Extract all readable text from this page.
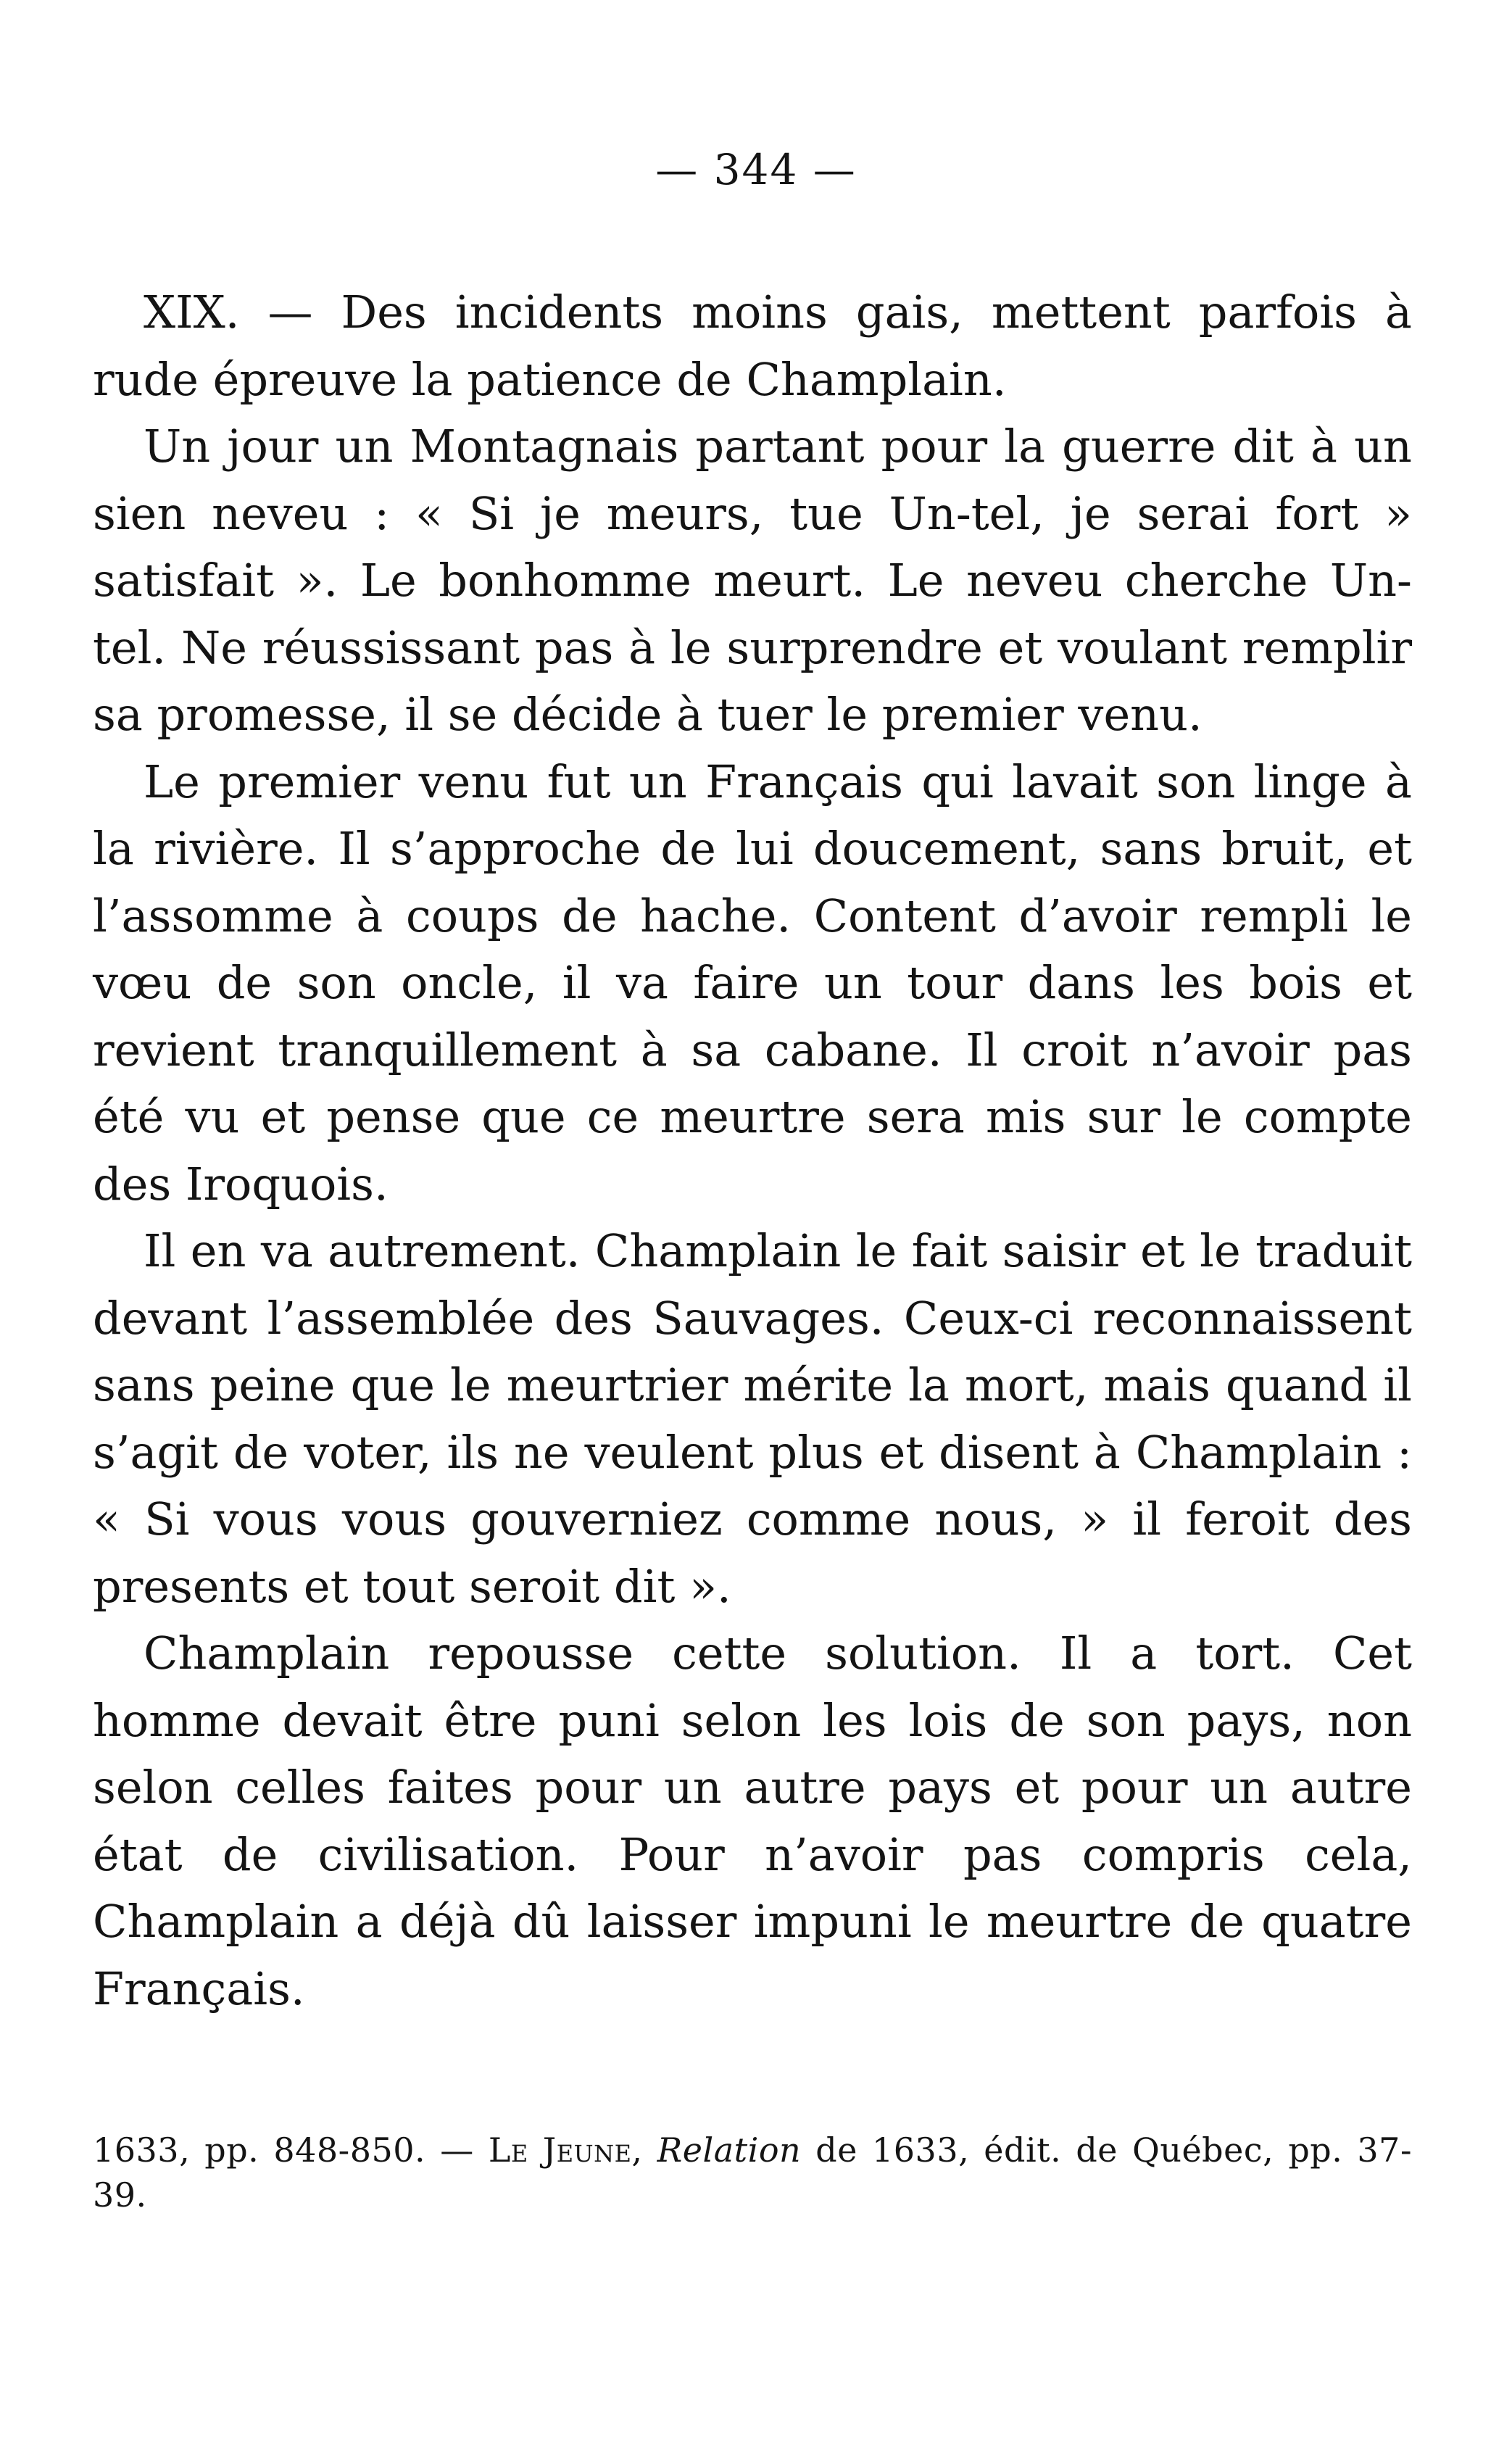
— 344 —

XIX. — Des incidents moins gais, mettent parfois à rude épreuve la patience de Champlain.

Un jour un Montagnais partant pour la guerre dit à un sien neveu : « Si je meurs, tue Un-tel, je serai fort » satisfait ». Le bonhomme meurt. Le neveu cherche Un-tel. Ne réussissant pas à le surprendre et voulant remplir sa promesse, il se décide à tuer le premier venu.

Le premier venu fut un Français qui lavait son linge à la rivière. Il s’approche de lui doucement, sans bruit, et l’assomme à coups de hache. Content d’avoir rempli le vœu de son oncle, il va faire un tour dans les bois et revient tranquillement à sa cabane. Il croit n’avoir pas été vu et pense que ce meurtre sera mis sur le compte des Iroquois.

Il en va autrement. Champlain le fait saisir et le traduit devant l’assemblée des Sauvages. Ceux-ci reconnaissent sans peine que le meurtrier mérite la mort, mais quand il s’agit de voter, ils ne veulent plus et disent à Champlain : « Si vous vous gouverniez comme nous, » il feroit des presents et tout seroit dit ».

Champlain repousse cette solution. Il a tort. Cet homme devait être puni selon les lois de son pays, non selon celles faites pour un autre pays et pour un autre état de civilisation. Pour n’avoir pas compris cela, Champlain a déjà dû laisser impuni le meurtre de quatre Français.

1633, pp. 848-850. — Le Jeune, Relation de 1633, édit. de Québec, pp. 37-39.
